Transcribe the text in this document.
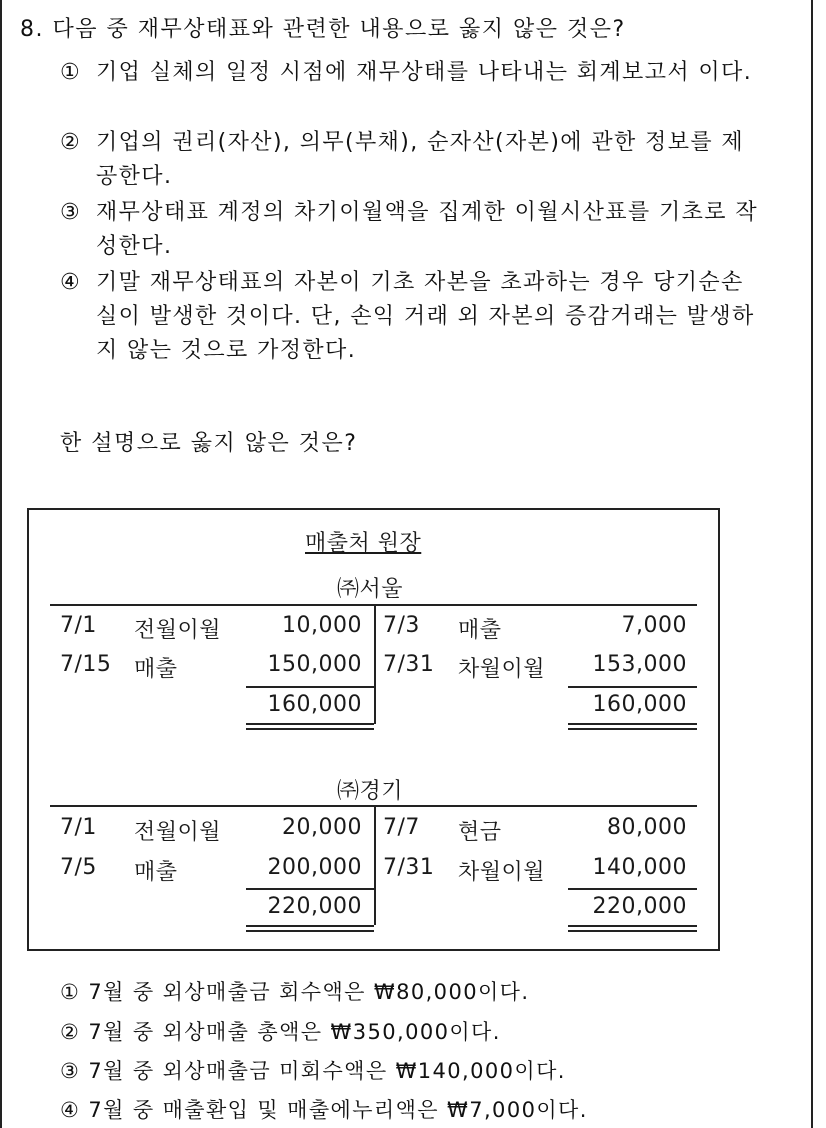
8. 다음 중 재무상태표와 관련한 내용으로 옳지 않은 것은?
① 기업 실체의 일정 시점에 재무상태를 나타내는 회계보고서 이다.
② 기업의 권리(자산), 의무(부채), 순자산(자본)에 관한 정보를 제공한다.
③ 재무상태표 계정의 차기이월액을 집계한 이월시산표를 기초로 작성한다.
④ 기말 재무상태표의 자본이 기초 자본을 초과하는 경우 당기순손실이 발생한 것이다. 단, 손익 거래 외 자본의 증감거래는 발생하지 않는 것으로 가정한다.
한 설명으로 옳지 않은 것은?
매출처 원장
㈜서울
7/1 전월이월	10,000 7/3 매출	7,000
7/15 매출	150,000 7/31 차월이월	153,000
160,000	160,000
㈜경기
7/1 전월이월	20,000 7/7 현금	80,000
7/5 매출	200,000 7/31 차월이월	140,000
220,000	220,000
① 7월 중 외상매출금 회수액은 ₩80,000이다.
② 7월 중 외상매출 총액은 ₩350,000이다.
③ 7월 중 외상매출금 미회수액은 ₩140,000이다.
④ 7월 중 매출환입 및 매출에누리액은 ₩7,000이다.
